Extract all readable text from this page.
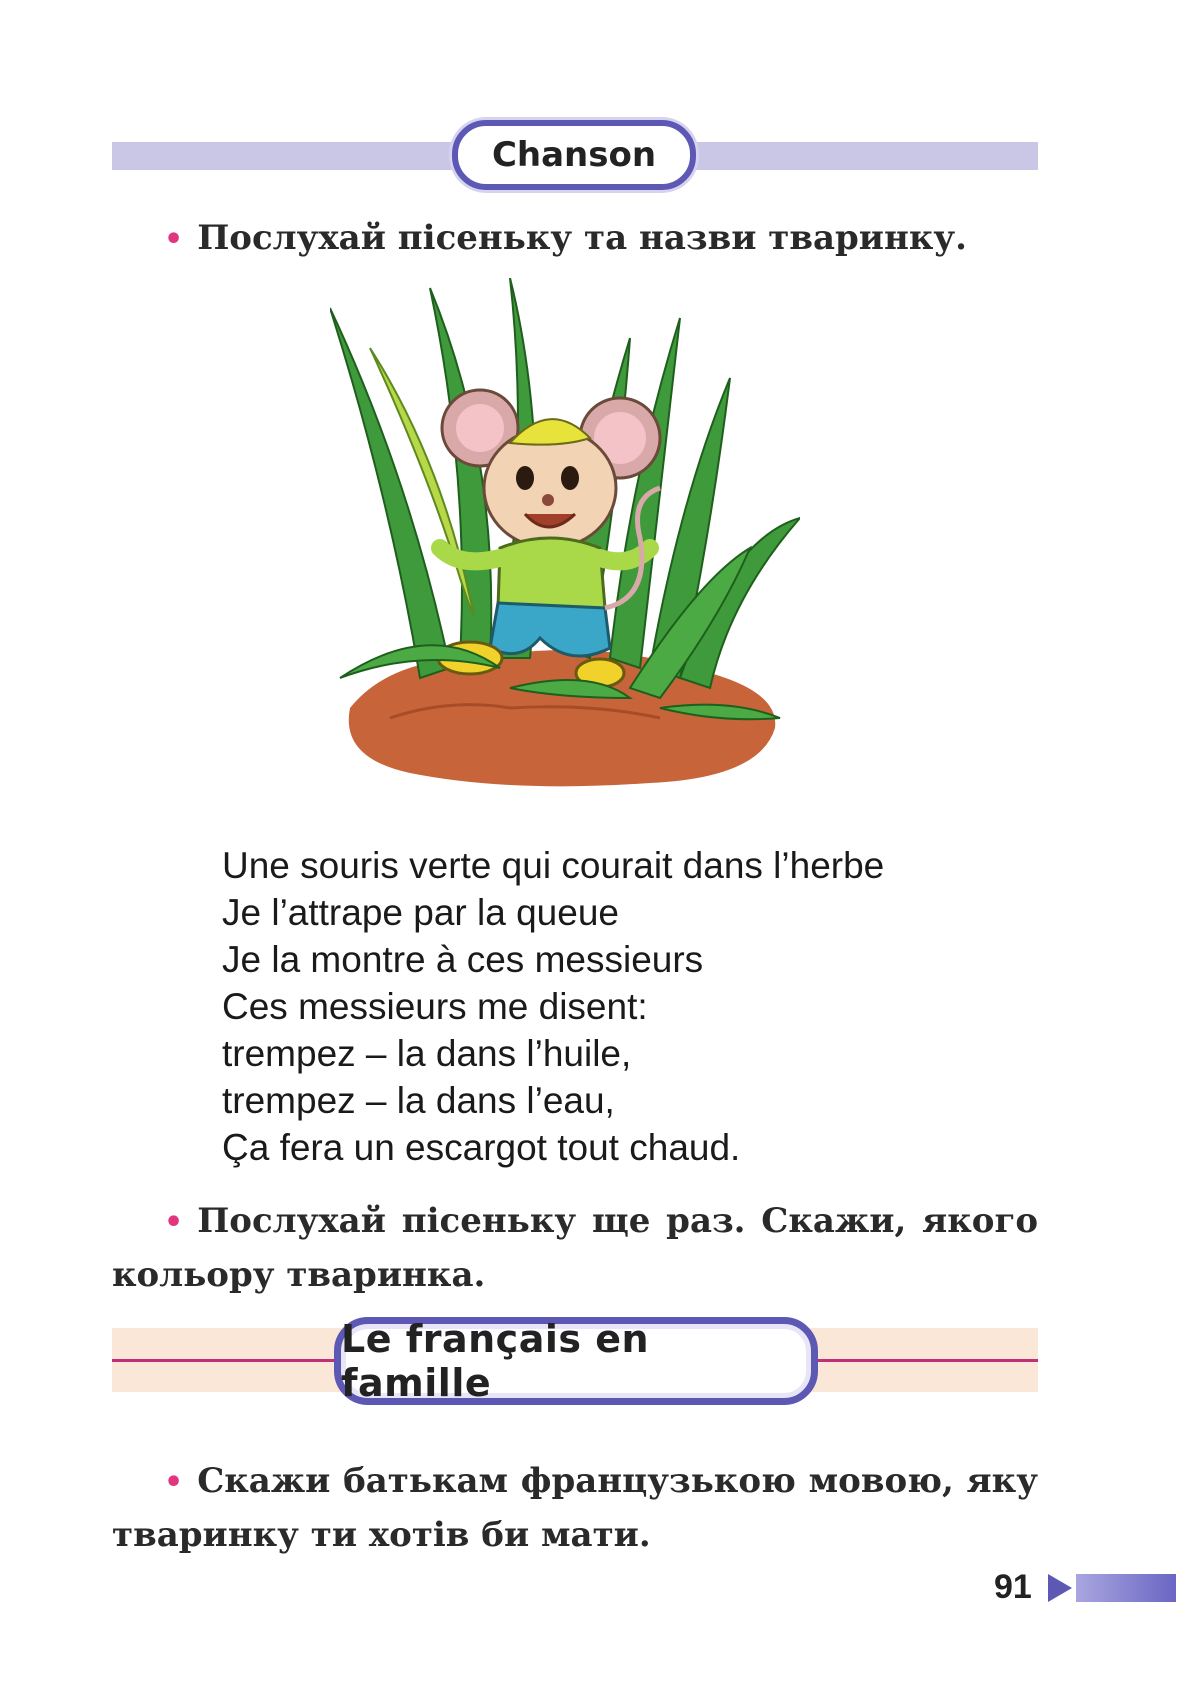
Chanson
• Послухай пісеньку та назви тваринку.
Une souris verte qui courait dans l’herbe
Je l’attrape par la queue
Je la montre à ces messieurs
Ces messieurs me disent:
trempez – la dans l’huile,
trempez – la dans l’eau,
Ça fera un escargot tout chaud.
• Послухай пісеньку ще раз. Скажи, якого кольору тваринка.
Le français en famille
• Скажи батькам французькою мовою, яку тваринку ти хотів би мати.
91
